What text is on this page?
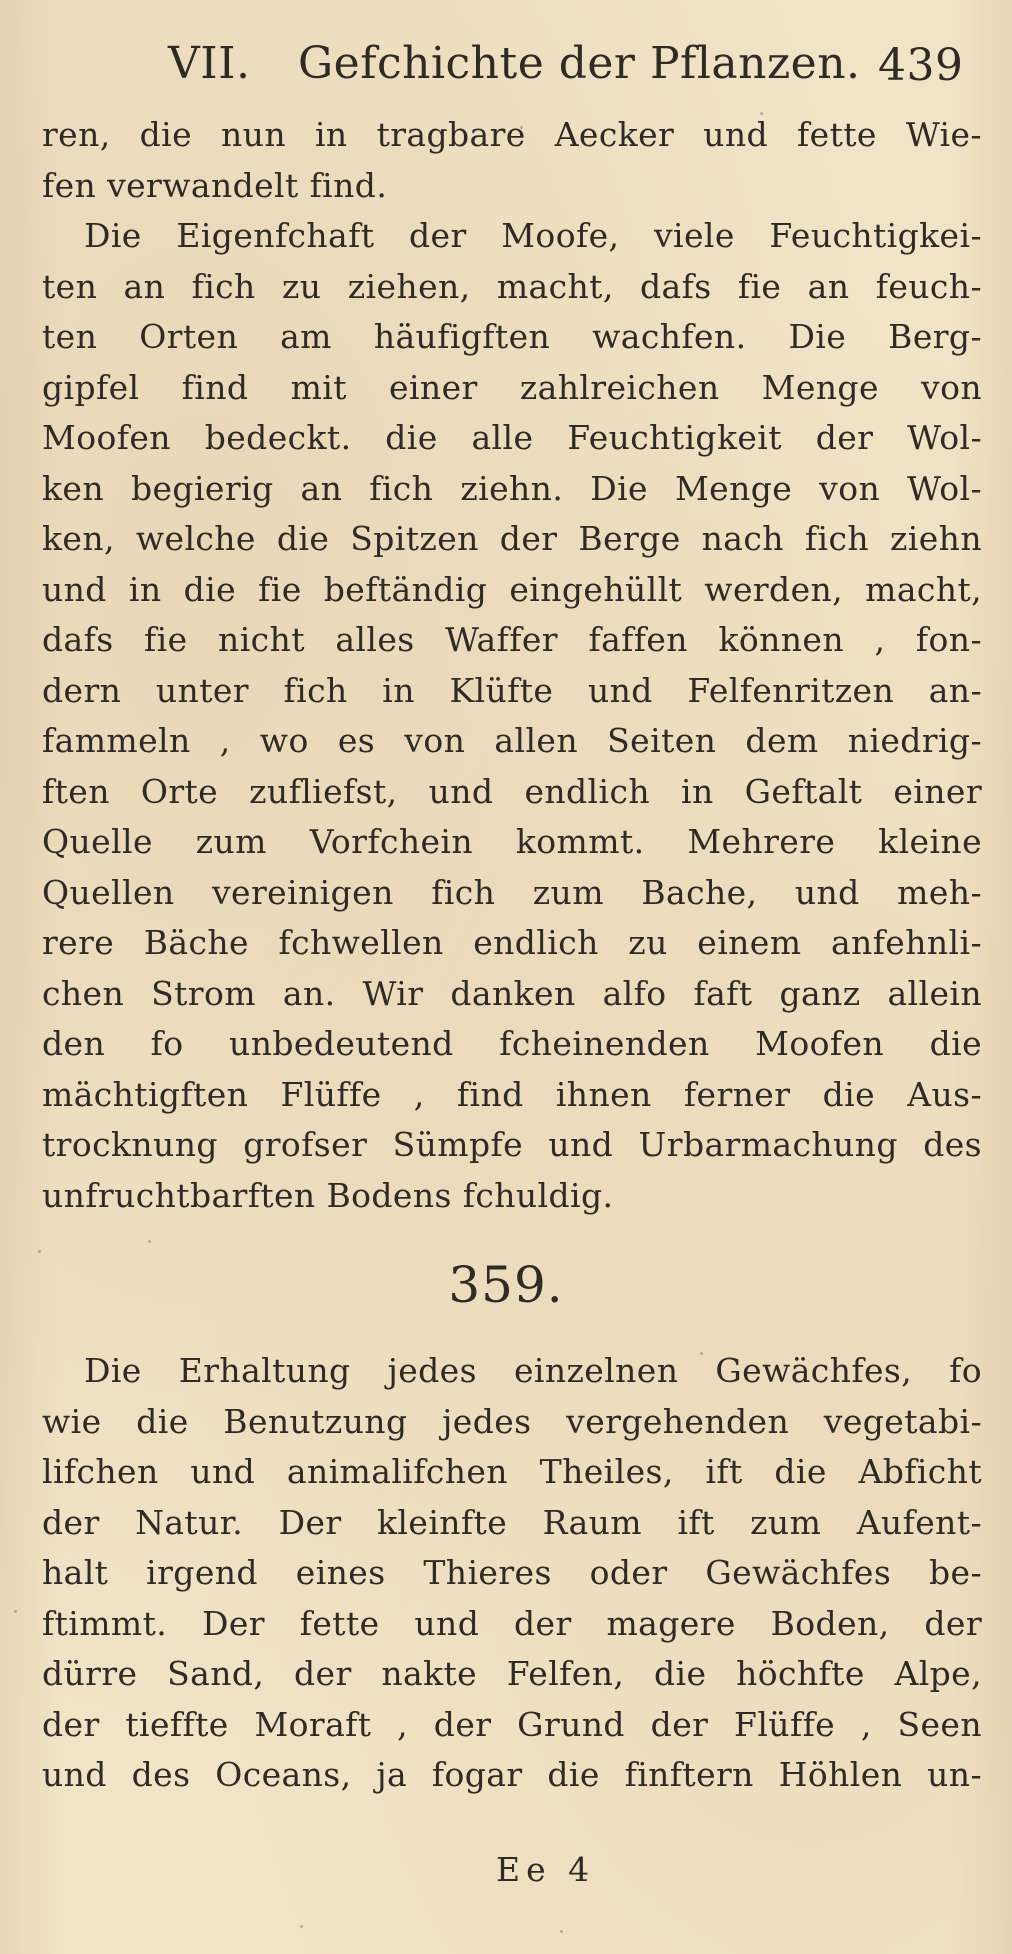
VII. Gefchichte der Pflanzen. 439
ren, die nun in tragbare Aecker und fette Wie-
fen verwandelt find.
Die Eigenfchaft der Moofe, viele Feuchtigkei-
ten an fich zu ziehen, macht, dafs fie an feuch-
ten Orten am häufigften wachfen. Die Berg-
gipfel find mit einer zahlreichen Menge von
Moofen bedeckt. die alle Feuchtigkeit der Wol-
ken begierig an fich ziehn. Die Menge von Wol-
ken, welche die Spitzen der Berge nach fich ziehn
und in die fie beftändig eingehüllt werden, macht,
dafs fie nicht alles Waffer faffen können , fon-
dern unter fich in Klüfte und Felfenritzen an-
fammeln , wo es von allen Seiten dem niedrig-
ften Orte zufliefst, und endlich in Geftalt einer
Quelle zum Vorfchein kommt. Mehrere kleine
Quellen vereinigen fich zum Bache, und meh-
rere Bäche fchwellen endlich zu einem anfehnli-
chen Strom an. Wir danken alfo faft ganz allein
den fo unbedeutend fcheinenden Moofen die
mächtigften Flüffe , find ihnen ferner die Aus-
trocknung grofser Sümpfe und Urbarmachung des
unfruchtbarften Bodens fchuldig.
359.
Die Erhaltung jedes einzelnen Gewächfes, fo
wie die Benutzung jedes vergehenden vegetabi-
lifchen und animalifchen Theiles, ift die Abficht
der Natur. Der kleinfte Raum ift zum Aufent-
halt irgend eines Thieres oder Gewächfes be-
ftimmt. Der fette und der magere Boden, der
dürre Sand, der nakte Felfen, die höchfte Alpe,
der tieffte Moraft , der Grund der Flüffe , Seen
und des Oceans, ja fogar die finftern Höhlen un-
Ee 4
